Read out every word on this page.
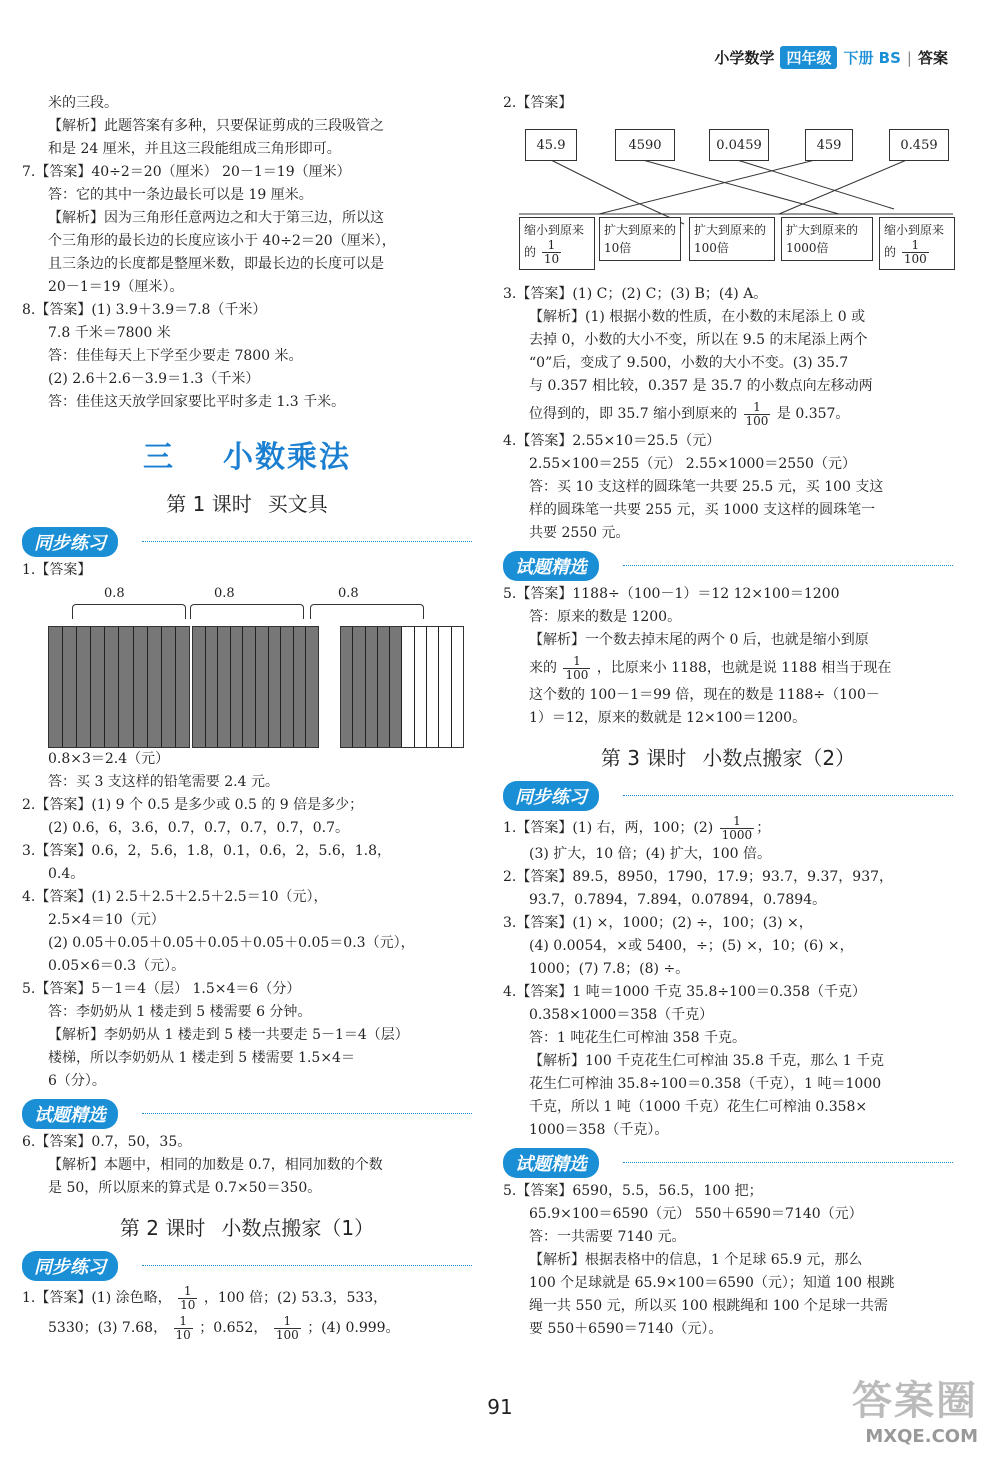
小学数学 四年级 下册 BS | 答案

米的三段。

【解析】此题答案有多种，只要保证剪成的三段吸管之

和是 24 厘米，并且这三段能组成三角形即可。

7.【答案】40÷2＝20（厘米） 20－1＝19（厘米）

答：它的其中一条边最长可以是 19 厘米。

【解析】因为三角形任意两边之和大于第三边，所以这

个三角形的最长边的长度应该小于 40÷2＝20（厘米），

且三条边的长度都是整厘米数，即最长边的长度可以是

20－1＝19（厘米）。

8.【答案】(1) 3.9＋3.9＝7.8（千米）

7.8 千米＝7800 米

答：佳佳每天上下学至少要走 7800 米。

(2) 2.6＋2.6－3.9＝1.3（千米）

答：佳佳这天放学回家要比平时多走 1.3 千米。

三 小数乘法
第 1 课时 买文具
同步练习

1.【答案】

0.8	0.8	0.8

0.8×3＝2.4（元）

答：买 3 支这样的铅笔需要 2.4 元。

2.【答案】(1) 9 个 0.5 是多少或 0.5 的 9 倍是多少；

(2) 0.6，6，3.6，0.7，0.7，0.7，0.7，0.7。

3.【答案】0.6，2，5.6，1.8，0.1，0.6，2，5.6，1.8，

0.4。

4.【答案】(1) 2.5＋2.5＋2.5＋2.5＝10（元），

2.5×4＝10（元）

(2) 0.05＋0.05＋0.05＋0.05＋0.05＋0.05＝0.3（元），

0.05×6＝0.3（元）。

5.【答案】5－1＝4（层） 1.5×4＝6（分）

答：李奶奶从 1 楼走到 5 楼需要 6 分钟。

【解析】李奶奶从 1 楼走到 5 楼一共要走 5－1＝4（层）

楼梯，所以李奶奶从 1 楼走到 5 楼需要 1.5×4＝

6（分）。

试题精选

6.【答案】0.7，50，35。

【解析】本题中，相同的加数是 0.7，相同加数的个数

是 50，所以原来的算式是 0.7×50＝350。

第 2 课时 小数点搬家（1）
同步练习

1.【答案】(1) 涂色略， $\frac{1}{10}$ ，100 倍；(2) 53.3，533，

5330；(3) 7.68， $\frac{1}{10}$ ；0.652， $\frac{1}{100}$ ；(4) 0.999。

2.【答案】

45.9	4590	0.0459	459	0.459
缩小到原来的 $\frac{1}{10}$
扩大到原来的10倍
扩大到原来的100倍
扩大到原来的1000倍
缩小到原来的 $\frac{1}{100}$

3.【答案】(1) C；(2) C；(3) B；(4) A。

【解析】(1) 根据小数的性质，在小数的末尾添上 0 或

去掉 0，小数的大小不变，所以在 9.5 的末尾添上两个

“0”后，变成了 9.500，小数的大小不变。(3) 35.7

与 0.357 相比较，0.357 是 35.7 的小数点向左移动两

位得到的，即 35.7 缩小到原来的 $\frac{1}{100}$ 是 0.357。

4.【答案】2.55×10＝25.5（元）

2.55×100＝255（元） 2.55×1000＝2550（元）

答：买 10 支这样的圆珠笔一共要 25.5 元，买 100 支这

样的圆珠笔一共要 255 元，买 1000 支这样的圆珠笔一

共要 2550 元。

试题精选

5.【答案】1188÷（100－1）＝12 12×100＝1200

答：原来的数是 1200。

【解析】一个数去掉末尾的两个 0 后，也就是缩小到原

来的 $\frac{1}{100}$ ，比原来小 1188，也就是说 1188 相当于现在

这个数的 100－1＝99 倍，现在的数是 1188÷（100－

1）＝12，原来的数就是 12×100＝1200。

第 3 课时 小数点搬家（2）
同步练习

1.【答案】(1) 右，两，100；$(2) \frac{1}{1000}$ ；

(3) 扩大，10 倍；(4) 扩大，100 倍。

2.【答案】89.5，8950，1790，17.9；93.7，9.37，937，

93.7，0.7894，7.894，0.07894，0.7894。

3.【答案】(1) ×，1000；(2) ÷，100；(3) ×，

(4) 0.0054，×或 5400，÷；(5) ×，10；(6) ×，

1000；(7) 7.8；(8) ÷。

4.【答案】1 吨＝1000 千克 35.8÷100＝0.358（千克）

0.358×1000＝358（千克）

答：1 吨花生仁可榨油 358 千克。

【解析】100 千克花生仁可榨油 35.8 千克，那么 1 千克

花生仁可榨油 35.8÷100＝0.358（千克），1 吨＝1000

千克，所以 1 吨（1000 千克）花生仁可榨油 0.358×

1000＝358（千克）。

试题精选

5.【答案】6590，5.5，56.5，100 把；

65.9×100＝6590（元） 550＋6590＝7140（元）

答：一共需要 7140 元。

【解析】根据表格中的信息，1 个足球 65.9 元，那么

100 个足球就是 65.9×100＝6590（元）；知道 100 根跳

绳一共 550 元，所以买 100 根跳绳和 100 个足球一共需

要 550＋6590＝7140（元）。

91	答案圈
MXQE.COM
